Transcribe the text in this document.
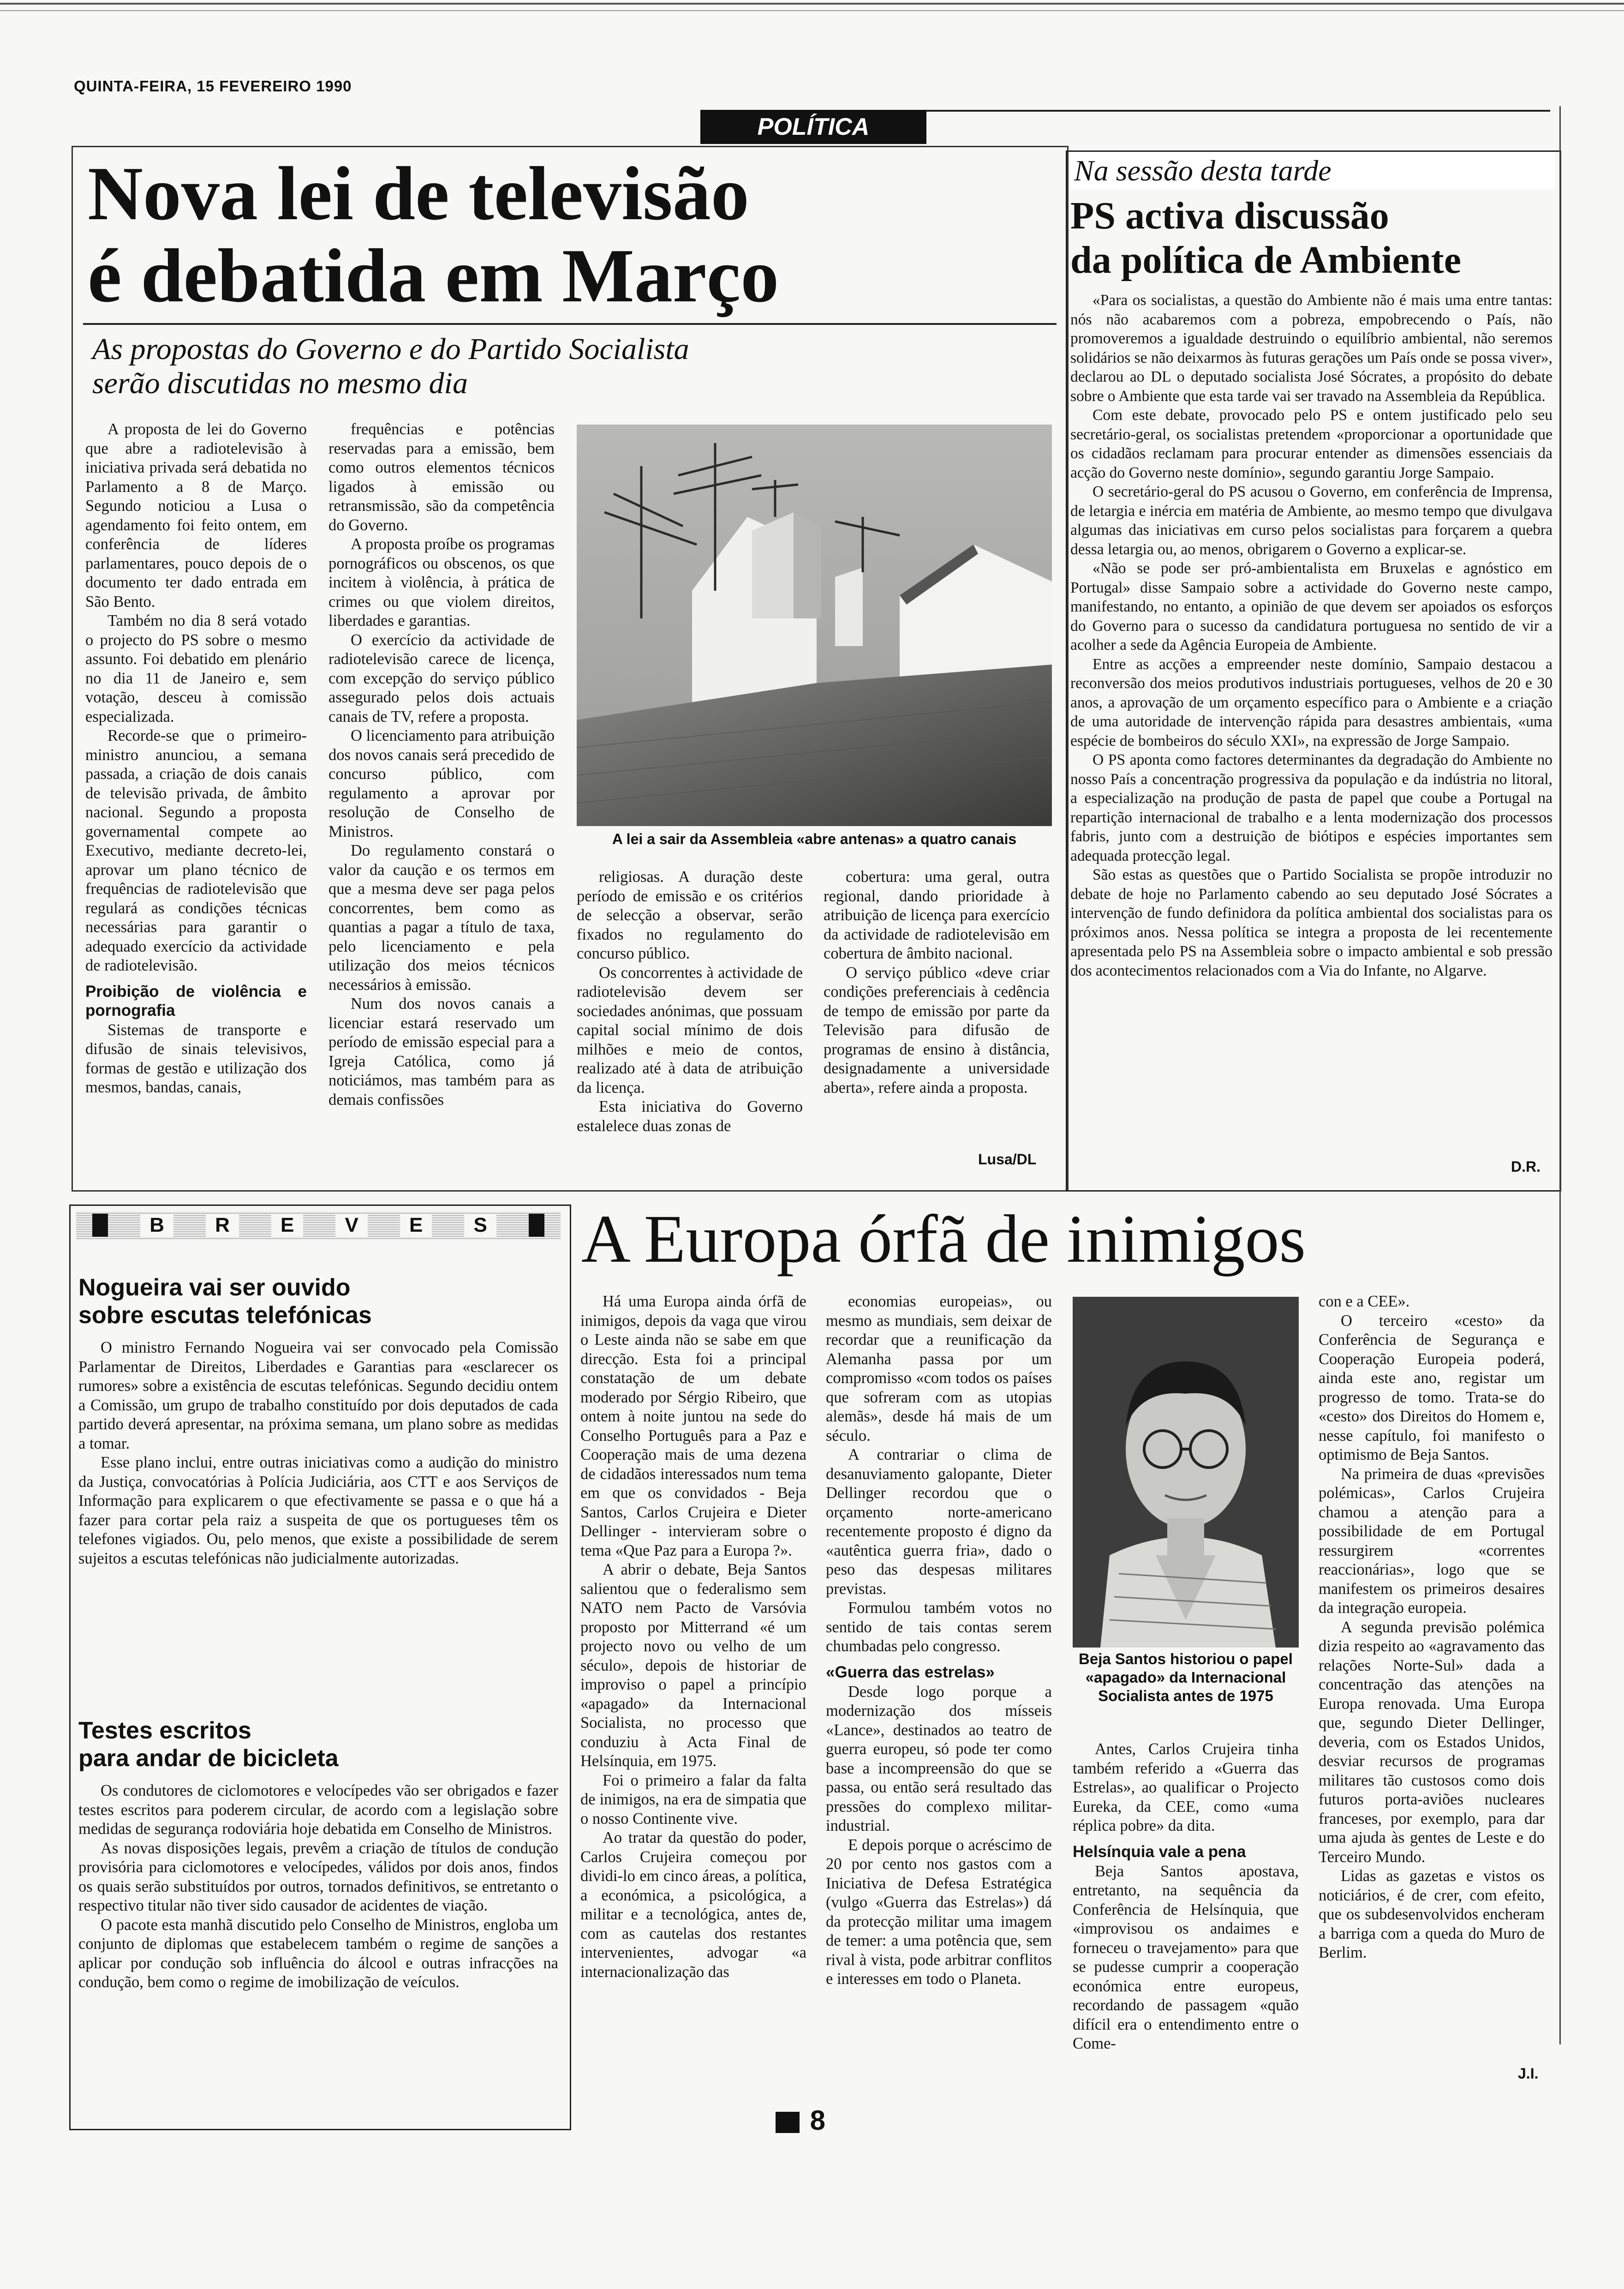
QUINTA-FEIRA, 15 FEVEREIRO 1990
POLÍTICA
Nova lei de televisão
é debatida em Março
As propostas do Governo e do Partido Socialista
serão discutidas no mesmo dia

A proposta de lei do Governo que abre a radiotelevisão à iniciativa privada será debatida no Parlamento a 8 de Março. Segundo noticiou a Lusa o agendamento foi feito ontem, em conferência de líderes parlamentares, pouco depois de o documento ter dado entrada em São Bento.

Também no dia 8 será votado o projecto do PS sobre o mesmo assunto. Foi debatido em plenário no dia 11 de Janeiro e, sem votação, desceu à comissão especializada.

Recorde-se que o primeiro-ministro anunciou, a semana passada, a criação de dois canais de televisão privada, de âmbito nacional. Segundo a proposta governamental compete ao Executivo, mediante decreto-lei, aprovar um plano técnico de frequências de radiotelevisão que regulará as condições técnicas necessárias para garantir o adequado exercício da actividade de radiotelevisão.

Proibição de violência e pornografia

Sistemas de transporte e difusão de sinais televisivos, formas de gestão e utilização dos mesmos, bandas, canais,

frequências e potências reservadas para a emissão, bem como outros elementos técnicos ligados à emissão ou retransmissão, são da competência do Governo.

A proposta proíbe os programas pornográficos ou obscenos, os que incitem à violência, à prática de crimes ou que violem direitos, liberdades e garantias.

O exercício da actividade de radiotelevisão carece de licença, com excepção do serviço público assegurado pelos dois actuais canais de TV, refere a proposta.

O licenciamento para atribuição dos novos canais será precedido de concurso público, com regulamento a aprovar por resolução de Conselho de Ministros.

Do regulamento constará o valor da caução e os termos em que a mesma deve ser paga pelos concorrentes, bem como as quantias a pagar a título de taxa, pelo licenciamento e pela utilização dos meios técnicos necessários à emissão.

Num dos novos canais a licenciar estará reservado um período de emissão especial para a Igreja Católica, como já noticiámos, mas também para as demais confissões

A lei a sair da Assembleia «abre antenas» a quatro canais

religiosas. A duração deste período de emissão e os critérios de selecção a observar, serão fixados no regulamento do concurso público.

Os concorrentes à actividade de radiotelevisão devem ser sociedades anónimas, que possuam capital social mínimo de dois milhões e meio de contos, realizado até à data de atribuição da licença.

Esta iniciativa do Governo estalelece duas zonas de

cobertura: uma geral, outra regional, dando prioridade à atribuição de licença para exercício da actividade de radiotelevisão em cobertura de âmbito nacional.

O serviço público «deve criar condições preferenciais à cedência de tempo de emissão por parte da Televisão para difusão de programas de ensino à distância, designadamente a universidade aberta», refere ainda a proposta.

Lusa/DL
Na sessão desta tarde
PS activa discussão
da política de Ambiente

«Para os socialistas, a questão do Ambiente não é mais uma entre tantas: nós não acabaremos com a pobreza, empobrecendo o País, não promoveremos a igualdade destruindo o equilíbrio ambiental, não seremos solidários se não deixarmos às futuras gerações um País onde se possa viver», declarou ao DL o deputado socialista José Sócrates, a propósito do debate sobre o Ambiente que esta tarde vai ser travado na Assembleia da República.

Com este debate, provocado pelo PS e ontem justificado pelo seu secretário-geral, os socialistas pretendem «proporcionar a oportunidade que os cidadãos reclamam para procurar entender as dimensões essenciais da acção do Governo neste domínio», segundo garantiu Jorge Sampaio.

O secretário-geral do PS acusou o Governo, em conferência de Imprensa, de letargia e inércia em matéria de Ambiente, ao mesmo tempo que divulgava algumas das iniciativas em curso pelos socialistas para forçarem a quebra dessa letargia ou, ao menos, obrigarem o Governo a explicar-se.

«Não se pode ser pró-ambientalista em Bruxelas e agnóstico em Portugal» disse Sampaio sobre a actividade do Governo neste campo, manifestando, no entanto, a opinião de que devem ser apoiados os esforços do Governo para o sucesso da candidatura portuguesa no sentido de vir a acolher a sede da Agência Europeia de Ambiente.

Entre as acções a empreender neste domínio, Sampaio destacou a reconversão dos meios produtivos industriais portugueses, velhos de 20 e 30 anos, a aprovação de um orçamento específico para o Ambiente e a criação de uma autoridade de intervenção rápida para desastres ambientais, «uma espécie de bombeiros do século XXI», na expressão de Jorge Sampaio.

O PS aponta como factores determinantes da degradação do Ambiente no nosso País a concentração progressiva da população e da indústria no litoral, a especialização na produção de pasta de papel que coube a Portugal na repartição internacional de trabalho e a lenta modernização dos processos fabris, junto com a destruição de biótipos e espécies importantes sem adequada protecção legal.

São estas as questões que o Partido Socialista se propõe introduzir no debate de hoje no Parlamento cabendo ao seu deputado José Sócrates a intervenção de fundo definidora da política ambiental dos socialistas para os próximos anos. Nessa política se integra a proposta de lei recentemente apresentada pelo PS na Assembleia sobre o impacto ambiental e sob pressão dos acontecimentos relacionados com a Via do Infante, no Algarve.

D.R.
B	R	E	V	E	S
Nogueira vai ser ouvido
sobre escutas telefónicas

O ministro Fernando Nogueira vai ser convocado pela Comissão Parlamentar de Direitos, Liberdades e Garantias para «esclarecer os rumores» sobre a existência de escutas telefónicas. Segundo decidiu ontem a Comissão, um grupo de trabalho constituído por dois deputados de cada partido deverá apresentar, na próxima semana, um plano sobre as medidas a tomar.

Esse plano inclui, entre outras iniciativas como a audição do ministro da Justiça, convocatórias à Polícia Judiciária, aos CTT e aos Serviços de Informação para explicarem o que efectivamente se passa e o que há a fazer para cortar pela raiz a suspeita de que os portugueses têm os telefones vigiados. Ou, pelo menos, que existe a possibilidade de serem sujeitos a escutas telefónicas não judicialmente autorizadas.

Testes escritos
para andar de bicicleta

Os condutores de ciclomotores e velocípedes vão ser obrigados e fazer testes escritos para poderem circular, de acordo com a legislação sobre medidas de segurança rodoviária hoje debatida em Conselho de Ministros.

As novas disposições legais, prevêm a criação de títulos de condução provisória para ciclomotores e velocípedes, válidos por dois anos, findos os quais serão substituídos por outros, tornados definitivos, se entretanto o respectivo titular não tiver sido causador de acidentes de viação.

O pacote esta manhã discutido pelo Conselho de Ministros, engloba um conjunto de diplomas que estabelecem também o regime de sanções a aplicar por condução sob influência do álcool e outras infracções na condução, bem como o regime de imobilização de veículos.

A Europa órfã de inimigos

Há uma Europa ainda órfã de inimigos, depois da vaga que virou o Leste ainda não se sabe em que direcção. Esta foi a principal constatação de um debate moderado por Sérgio Ribeiro, que ontem à noite juntou na sede do Conselho Português para a Paz e Cooperação mais de uma dezena de cidadãos interessados num tema em que os convidados - Beja Santos, Carlos Crujeira e Dieter Dellinger - intervieram sobre o tema «Que Paz para a Europa ?».

A abrir o debate, Beja Santos salientou que o federalismo sem NATO nem Pacto de Varsóvia proposto por Mitterrand «é um projecto novo ou velho de um século», depois de historiar de improviso o papel a princípio «apagado» da Internacional Socialista, no processo que conduziu à Acta Final de Helsínquia, em 1975.

Foi o primeiro a falar da falta de inimigos, na era de simpatia que o nosso Continente vive.

Ao tratar da questão do poder, Carlos Crujeira começou por dividi-lo em cinco áreas, a política, a económica, a psicológica, a militar e a tecnológica, antes de, com as cautelas dos restantes intervenientes, advogar «a internacionalização das

economias europeias», ou mesmo as mundiais, sem deixar de recordar que a reunificação da Alemanha passa por um compromisso «com todos os países que sofreram com as utopias alemãs», desde há mais de um século.

A contrariar o clima de desanuviamento galopante, Dieter Dellinger recordou que o orçamento norte-americano recentemente proposto é digno da «autêntica guerra fria», dado o peso das despesas militares previstas.

Formulou também votos no sentido de tais contas serem chumbadas pelo congresso.

«Guerra das estrelas»

Desde logo porque a modernização dos mísseis «Lance», destinados ao teatro de guerra europeu, só pode ter como base a incompreensão do que se passa, ou então será resultado das pressões do complexo militar-industrial.

E depois porque o acréscimo de 20 por cento nos gastos com a Iniciativa de Defesa Estratégica (vulgo «Guerra das Estrelas») dá da protecção militar uma imagem de temer: a uma potência que, sem rival à vista, pode arbitrar conflitos e interesses em todo o Planeta.

Beja Santos historiou o papel «apagado» da Internacional Socialista antes de 1975

Antes, Carlos Crujeira tinha também referido a «Guerra das Estrelas», ao qualificar o Projecto Eureka, da CEE, como «uma réplica pobre» da dita.

Helsínquia vale a pena

Beja Santos apostava, entretanto, na sequência da Conferência de Helsínquia, que «improvisou os andaimes e forneceu o travejamento» para que se pudesse cumprir a cooperação económica entre europeus, recordando de passagem «quão difícil era o entendimento entre o Come-

con e a CEE».

O terceiro «cesto» da Conferência de Segurança e Cooperação Europeia poderá, ainda este ano, registar um progresso de tomo. Trata-se do «cesto» dos Direitos do Homem e, nesse capítulo, foi manifesto o optimismo de Beja Santos.

Na primeira de duas «previsões polémicas», Carlos Crujeira chamou a atenção para a possibilidade de em Portugal ressurgirem «correntes reaccionárias», logo que se manifestem os primeiros desaires da integração europeia.

A segunda previsão polémica dizia respeito ao «agravamento das relações Norte-Sul» dada a concentração das atenções na Europa renovada. Uma Europa que, segundo Dieter Dellinger, deveria, com os Estados Unidos, desviar recursos de programas militares tão custosos como dois futuros porta-aviões nucleares franceses, por exemplo, para dar uma ajuda às gentes de Leste e do Terceiro Mundo.

Lidas as gazetas e vistos os noticiários, é de crer, com efeito, que os subdesenvolvidos encheram a barriga com a queda do Muro de Berlim.

J.I.
8
